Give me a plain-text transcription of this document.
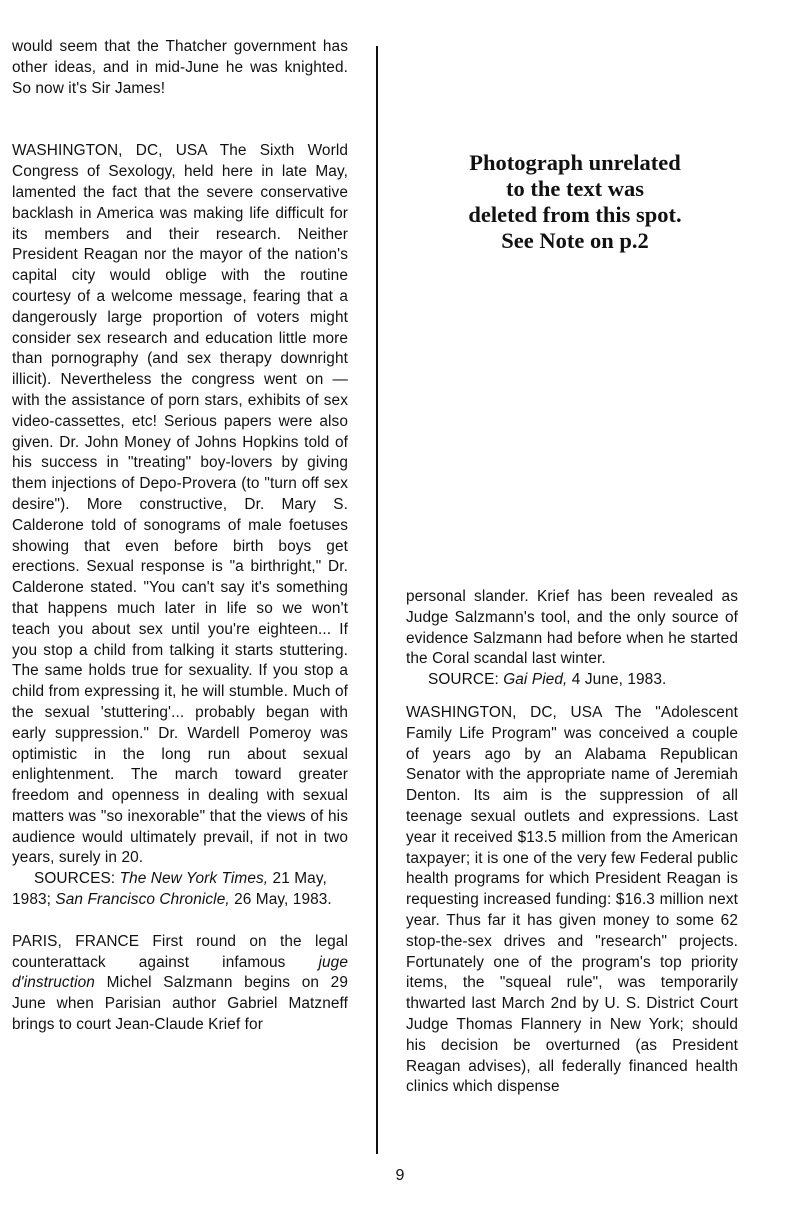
would seem that the Thatcher government has other ideas, and in mid-June he was knighted. So now it's Sir James!

WASHINGTON, DC, USA The Sixth World Congress of Sexology, held here in late May, lamented the fact that the severe conservative backlash in America was making life difficult for its members and their research. Neither President Reagan nor the mayor of the nation's capital city would oblige with the routine courtesy of a welcome message, fearing that a dangerously large proportion of voters might consider sex research and education little more than pornography (and sex therapy downright illicit). Nevertheless the congress went on — with the assistance of porn stars, exhibits of sex video-cassettes, etc! Serious papers were also given. Dr. John Money of Johns Hopkins told of his success in "treating" boy-lovers by giving them injections of Depo-Provera (to "turn off sex desire"). More constructive, Dr. Mary S. Calderone told of sonograms of male foetuses showing that even before birth boys get erections. Sexual response is "a birthright," Dr. Calderone stated. "You can't say it's something that happens much later in life so we won't teach you about sex until you're eighteen... If you stop a child from talking it starts stuttering. The same holds true for sexuality. If you stop a child from expressing it, he will stumble. Much of the sexual 'stuttering'... probably began with early suppression." Dr. Wardell Pomeroy was optimistic in the long run about sexual enlightenment. The march toward greater freedom and openness in dealing with sexual matters was "so inexorable" that the views of his audience would ultimately prevail, if not in two years, surely in 20.

SOURCES: The New York Times, 21 May, 1983; San Francisco Chronicle, 26 May, 1983.

PARIS, FRANCE First round on the legal counterattack against infamous juge d'instruction Michel Salzmann begins on 29 June when Parisian author Gabriel Matzneff brings to court Jean-Claude Krief for

Photograph unrelated
to the text was
deleted from this spot.
See Note on p.2

personal slander. Krief has been revealed as Judge Salzmann's tool, and the only source of evidence Salzmann had before when he started the Coral scandal last winter.

SOURCE: Gai Pied, 4 June, 1983.

WASHINGTON, DC, USA The "Adolescent Family Life Program" was conceived a couple of years ago by an Alabama Republican Senator with the appropriate name of Jeremiah Denton. Its aim is the suppression of all teenage sexual outlets and expressions. Last year it received $13.5 million from the American taxpayer; it is one of the very few Federal public health programs for which President Reagan is requesting increased funding: $16.3 million next year. Thus far it has given money to some 62 stop-the-sex drives and "research" projects. Fortunately one of the program's top priority items, the "squeal rule", was temporarily thwarted last March 2nd by U. S. District Court Judge Thomas Flannery in New York; should his decision be overturned (as President Reagan advises), all federally financed health clinics which dispense

9
